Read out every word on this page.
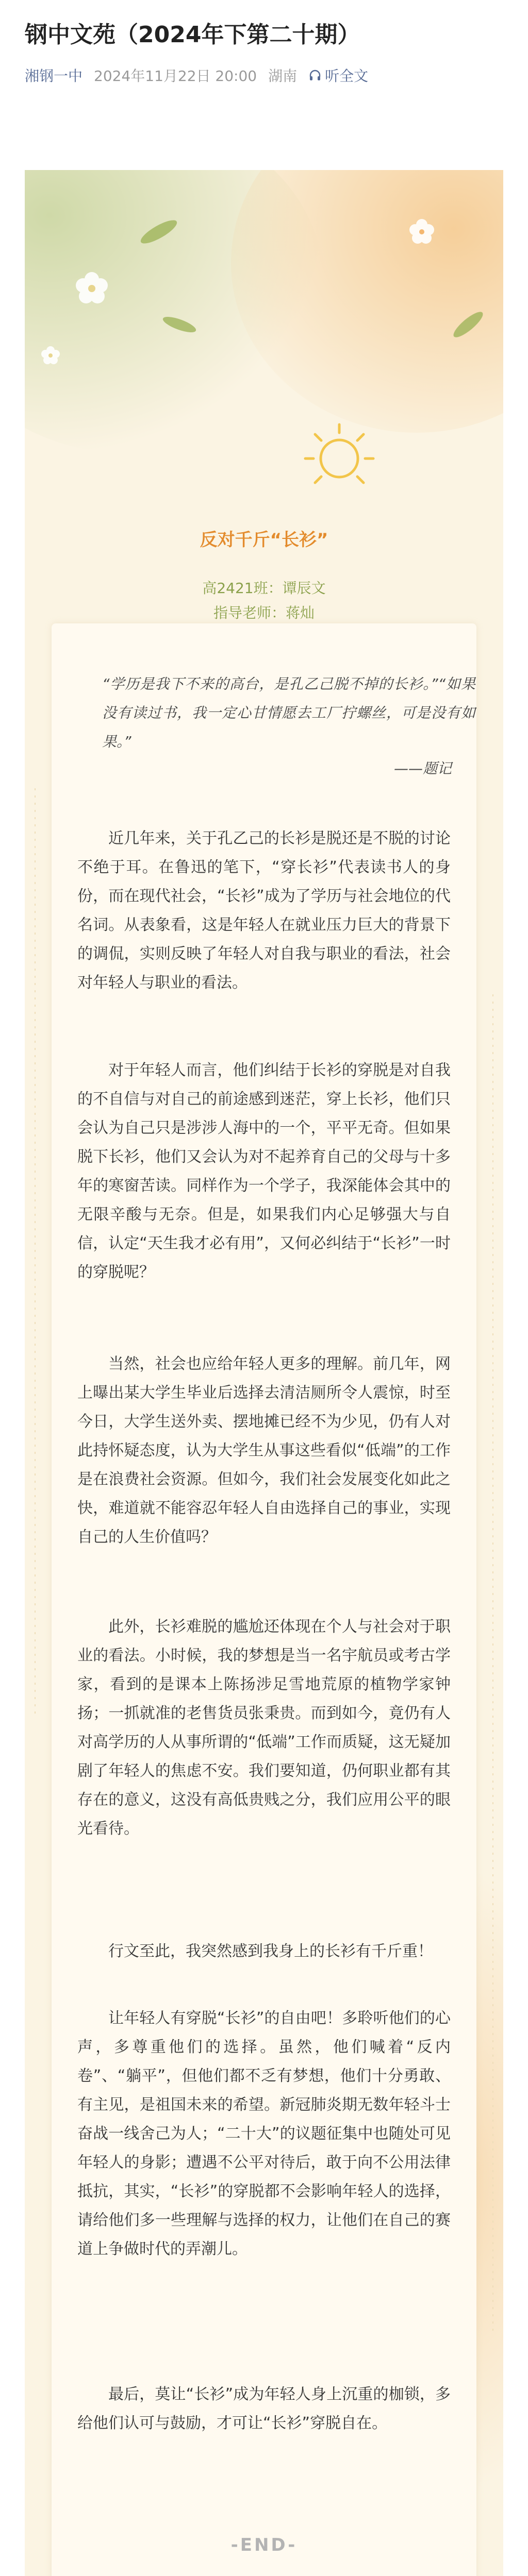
钢中文苑（2024年下第二十期）
湘钢一中 2024年11月22日 20:00 湖南 听全文
反对千斤“长衫”
高2421班：谭辰文
指导老师：蒋灿
“学历是我下不来的高台，是孔乙己脱不掉的长衫。”“如果没有读过书，我一定心甘情愿去工厂拧螺丝，可是没有如果。”
——题记
近几年来，关于孔乙己的长衫是脱还是不脱的讨论不绝于耳。在鲁迅的笔下，“穿长衫”代表读书人的身份，而在现代社会，“长衫”成为了学历与社会地位的代名词。从表象看，这是年轻人在就业压力巨大的背景下的调侃，实则反映了年轻人对自我与职业的看法，社会对年轻人与职业的看法。
对于年轻人而言，他们纠结于长衫的穿脱是对自我的不自信与对自己的前途感到迷茫，穿上长衫，他们只会认为自己只是涉涉人海中的一个，平平无奇。但如果脱下长衫，他们又会认为对不起养育自己的父母与十多年的寒窗苦读。同样作为一个学子，我深能体会其中的无限辛酸与无奈。但是，如果我们内心足够强大与自信，认定“天生我才必有用”，又何必纠结于“长衫”一时的穿脱呢？
当然，社会也应给年轻人更多的理解。前几年，网上曝出某大学生毕业后选择去清洁厕所令人震惊，时至今日，大学生送外卖、摆地摊已经不为少见，仍有人对此持怀疑态度，认为大学生从事这些看似“低端”的工作是在浪费社会资源。但如今，我们社会发展变化如此之快，难道就不能容忍年轻人自由选择自己的事业，实现自己的人生价值吗？
此外，长衫难脱的尴尬还体现在个人与社会对于职业的看法。小时候，我的梦想是当一名宇航员或考古学家，看到的是课本上陈扬涉足雪地荒原的植物学家钟扬；一抓就准的老售货员张秉贵。而到如今，竟仍有人对高学历的人从事所谓的“低端”工作而质疑，这无疑加剧了年轻人的焦虑不安。我们要知道，仍何职业都有其存在的意义，这没有高低贵贱之分，我们应用公平的眼光看待。
行文至此，我突然感到我身上的长衫有千斤重！
让年轻人有穿脱“长衫”的自由吧！多聆听他们的心声，多尊重他们的选择。虽然，他们喊着“反内卷”、“躺平”，但他们都不乏有梦想，他们十分勇敢、有主见，是祖国未来的希望。新冠肺炎期无数年轻斗士奋战一线舍己为人；“二十大”的议题征集中也随处可见年轻人的身影；遭遇不公平对待后，敢于向不公用法律抵抗，其实，“长衫”的穿脱都不会影响年轻人的选择，请给他们多一些理解与选择的权力，让他们在自己的赛道上争做时代的弄潮儿。
最后，莫让“长衫”成为年轻人身上沉重的枷锁，多给他们认可与鼓励，才可让“长衫”穿脱自在。
-END-
